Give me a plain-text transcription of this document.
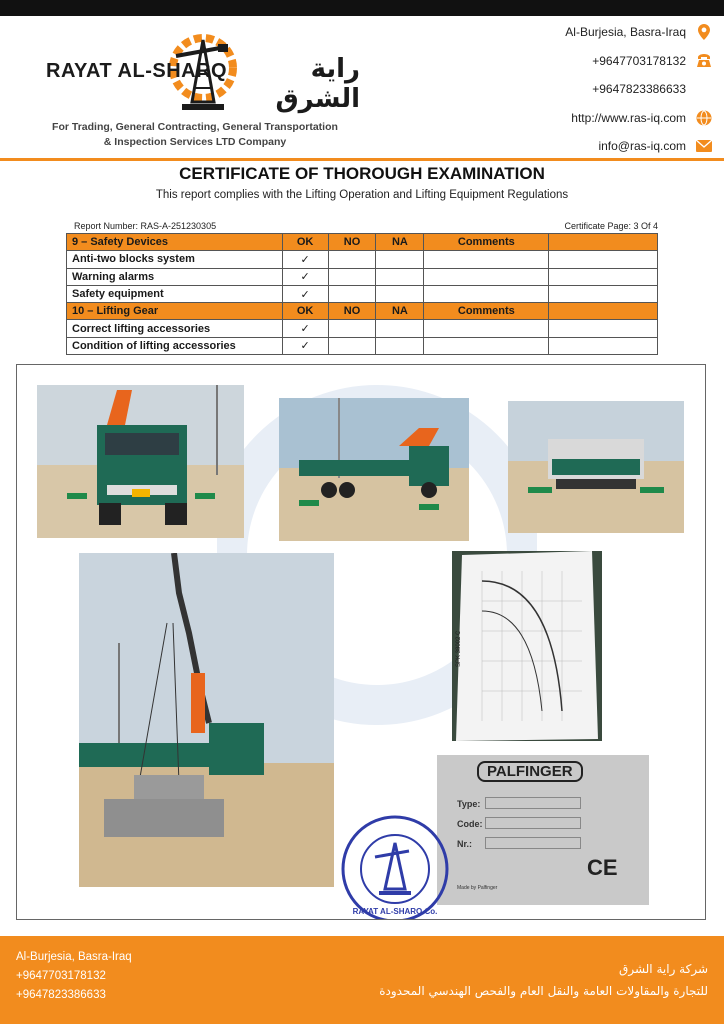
RAYAT AL-SHARQ	راية الشرق
For Trading, General Contracting, General Transportation
& Inspection Services LTD Company
Al-Burjesia, Basra-Iraq
+9647703178132
+9647823386633
http://www.ras-iq.com
info@ras-iq.com
CERTIFICATE OF THOROUGH EXAMINATION
This report complies with the Lifting Operation and Lifting Equipment Regulations
Report Number: RAS-A-251230305	Certificate Page: 3 Of 4
9 – Safety Devices	OK	NO	NA	Comments	
Anti-two blocks system	✓				
Warning alarms	✓				
Safety equipment	✓				
10 – Lifting Gear	OK	NO	NA	Comments	
Correct lifting accessories	✓				
Condition of lifting accessories	✓				
SPK 38002 C
PALFINGER
Type:
Code:
Nr.:
CE
Made by Palfinger
RAYAT AL-SHARQ Co.
Al-Burjesia, Basra-Iraq
+9647703178132
+9647823386633
شركة راية الشرق
للتجارة والمقاولات العامة والنقل العام والفحص الهندسي المحدودة
